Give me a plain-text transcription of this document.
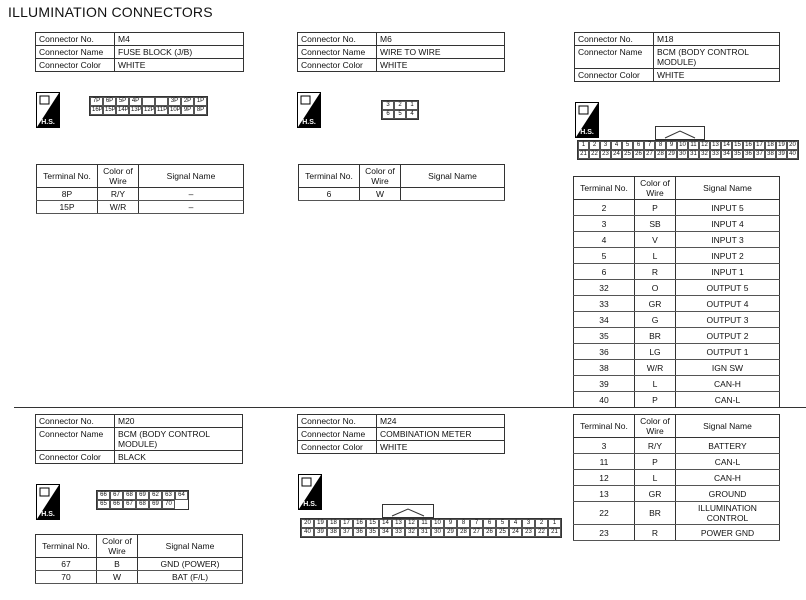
ILLUMINATION CONNECTORS
Connector No.	M4
Connector Name	FUSE BLOCK (J/B)
Connector Color	WHITE
H.S.
7P 6P 5P 4P	3P 2P 1P
16P 15P 14P 13P 12P 11P 10P 9P 8P
Terminal No.	Color of Wire	Signal Name
8P	R/Y	–
15P	W/R	–
Connector No.	M6
Connector Name	WIRE TO WIRE
Connector Color	WHITE
H.S.
3	2	1
6	5	4
Terminal No.	Color of Wire	Signal Name
6	W	
Connector No.	M18
Connector Name	BCM (BODY CONTROL MODULE)
Connector Color	WHITE
H.S.
1	2	3	4	5	6	7	8	9 10 11 12 13 14 15 16 17 18 19 20
21 22 23 24 25 26 27 28 29 30 31 32 33 34 35 36 37 38 39 40
Terminal No.	Color of Wire	Signal Name
2	P	INPUT 5
3	SB	INPUT 4
4	V	INPUT 3
5	L	INPUT 2
6	R	INPUT 1
32	O	OUTPUT 5
33	GR	OUTPUT 4
34	G	OUTPUT 3
35	BR	OUTPUT 2
36	LG	OUTPUT 1
38	W/R	IGN SW
39	L	CAN-H
40	P	CAN-L
Connector No.	M20
Connector Name	BCM (BODY CONTROL MODULE)
Connector Color	BLACK
H.S.
66	67	68	69	62	63	64
65	66	67	68	69	70
Terminal No.	Color of Wire	Signal Name
67	B	GND (POWER)
70	W	BAT (F/L)
Connector No.	M24
Connector Name	COMBINATION METER
Connector Color	WHITE
H.S.
20	19	18	17	16	15	14	13	12	11	10	9	8	7	6	5	4	3	2	1
40	39	38	37	36	35	34	33	32	31	30	29	28	27	26	25	24	23	22	21
Terminal No.	Color of Wire	Signal Name
3	R/Y	BATTERY
11	P	CAN-L
12	L	CAN-H
13	GR	GROUND
22	BR	ILLUMINATION CONTROL
23	R	POWER GND
